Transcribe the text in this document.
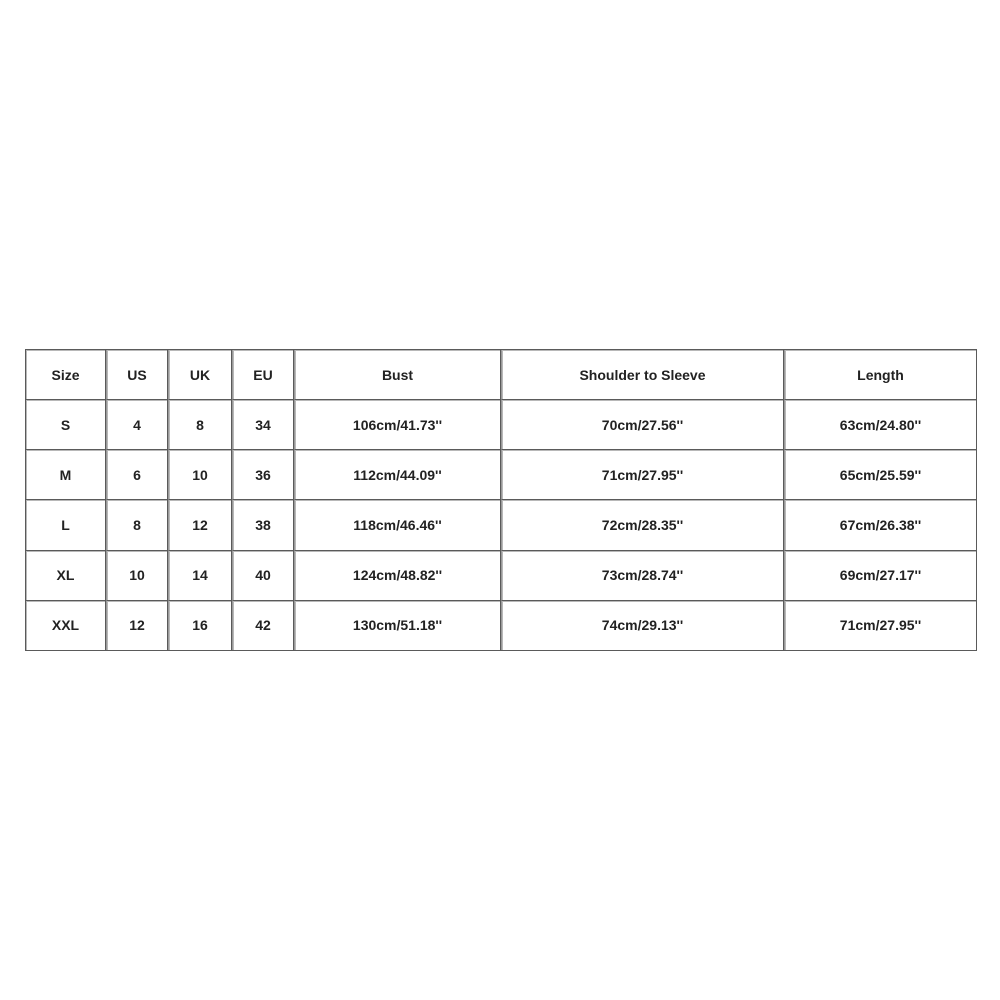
Size	US	UK	EU	Bust	Shoulder to Sleeve	Length
S	4	8	34	106cm/41.73''	70cm/27.56''	63cm/24.80''
M	6	10	36	112cm/44.09''	71cm/27.95''	65cm/25.59''
L	8	12	38	118cm/46.46''	72cm/28.35''	67cm/26.38''
XL	10	14	40	124cm/48.82''	73cm/28.74''	69cm/27.17''
XXL	12	16	42	130cm/51.18''	74cm/29.13''	71cm/27.95''
